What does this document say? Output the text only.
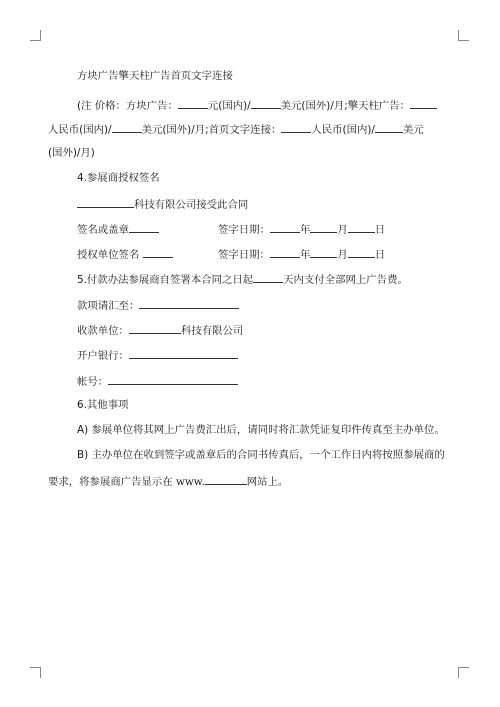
方块广告擎天柱广告首页文字连接
(注 价格：方块广告：	元(国内)/	美元(国外)/月;擎天柱广告：
人民币(国内)/	美元(国外)/月;首页文字连接：	人民币(国内)/	美元
(国外)/月)
4.参展商授权签名
科技有限公司接受此合同
签名或盖章	签字日期：	年	月	日
授权单位签名	签字日期：	年	月	日
5.付款办法参展商自签署本合同之日起	天内支付全部网上广告费。
款项请汇至：
收款单位：	科技有限公司
开户银行：
帐号：
6.其他事项
A) 参展单位将其网上广告费汇出后，请同时将汇款凭证复印件传真至主办单位。
B) 主办单位在收到签字或盖章后的合同书传真后，一个工作日内将按照参展商的
要求，将参展商广告显示在 www.	网站上。
